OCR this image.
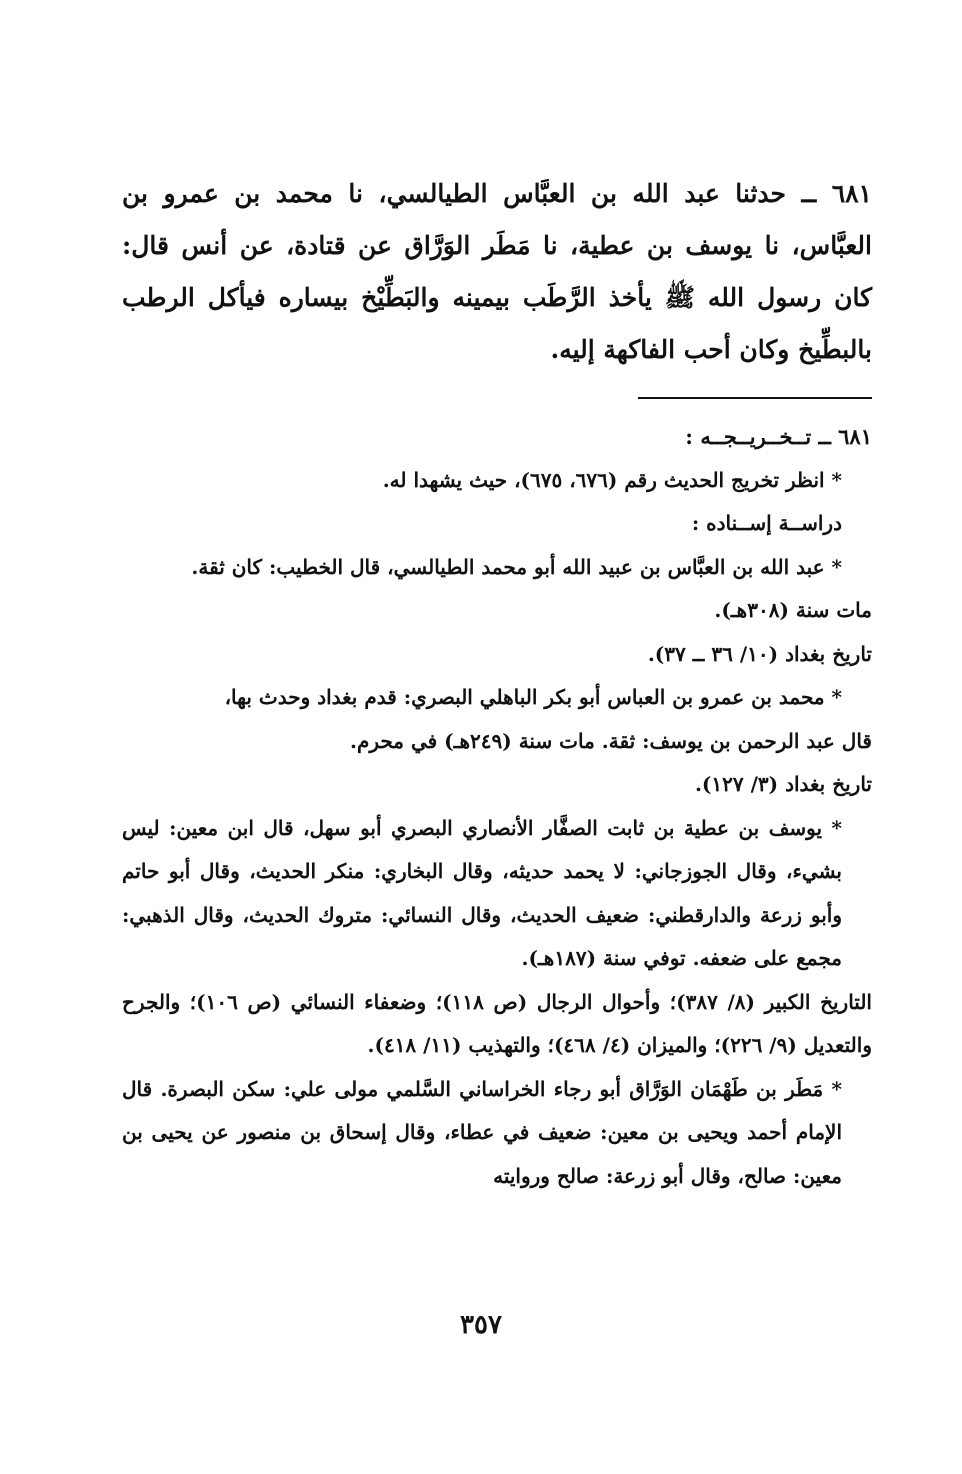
٦٨١ ــ حدثنا عبد الله بن العبَّاس الطيالسي، نا محمد بن عمرو بن العبَّاس، نا يوسف بن عطية، نا مَطَر الوَرَّاق عن قتادة، عن أنس قال: كان رسول الله ﷺ يأخذ الرَّطَب بيمينه والبَطِّيْخ بيساره فيأكل الرطب بالبطِّيخ وكان أحب الفاكهة إليه.

٦٨١ ــ تــخــريــجــه :

* انظر تخريج الحديث رقم (٦٧٦، ٦٧٥)، حيث يشهدا له.

دراســة إســناده :

* عبد الله بن العبَّاس بن عبيد الله أبو محمد الطيالسي، قال الخطيب: كان ثقة.

مات سنة (٣٠٨هـ).

تاريخ بغداد (١٠/ ٣٦ ــ ٣٧).

* محمد بن عمرو بن العباس أبو بكر الباهلي البصري: قدم بغداد وحدث بها،

قال عبد الرحمن بن يوسف: ثقة. مات سنة (٢٤٩هـ) في محرم.

تاريخ بغداد (٣/ ١٢٧).

* يوسف بن عطية بن ثابت الصفَّار الأنصاري البصري أبو سهل، قال ابن معين: ليس بشيء، وقال الجوزجاني: لا يحمد حديثه، وقال البخاري: منكر الحديث، وقال أبو حاتم وأبو زرعة والدارقطني: ضعيف الحديث، وقال النسائي: متروك الحديث، وقال الذهبي: مجمع على ضعفه. توفي سنة (١٨٧هـ).

التاريخ الكبير (٨/ ٣٨٧)؛ وأحوال الرجال (ص ١١٨)؛ وضعفاء النسائي (ص ١٠٦)؛ والجرح والتعديل (٩/ ٢٢٦)؛ والميزان (٤/ ٤٦٨)؛ والتهذيب (١١/ ٤١٨).

* مَطَر بن طَهْمَان الوَرَّاق أبو رجاء الخراساني السَّلمي مولى علي: سكن البصرة. قال الإمام أحمد ويحيى بن معين: ضعيف في عطاء، وقال إسحاق بن منصور عن يحيى بن معين: صالح، وقال أبو زرعة: صالح وروايته

٣٥٧
